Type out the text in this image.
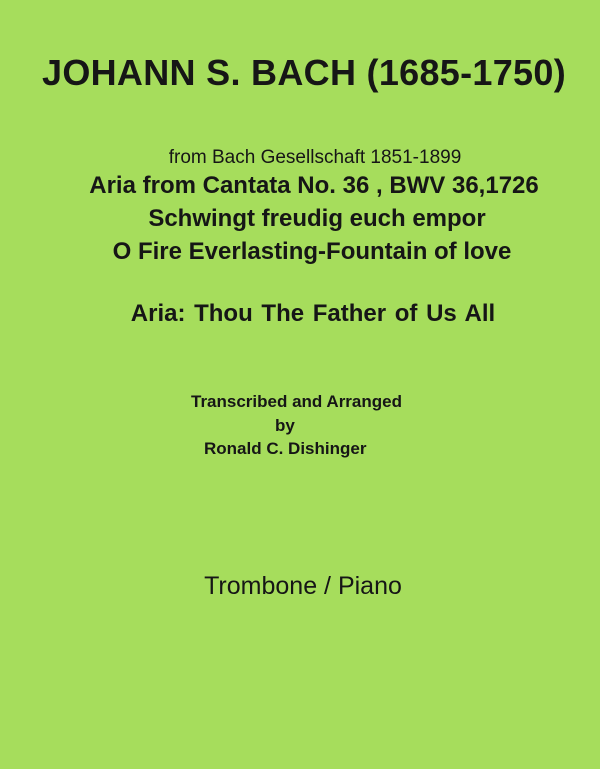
JOHANN S. BACH (1685-1750)
from Bach Gesellschaft 1851-1899
Aria from Cantata No. 36 , BWV 36,1726
Schwingt freudig euch empor
O Fire Everlasting-Fountain of love
Aria: Thou The Father of Us All
Transcribed and Arranged
by
Ronald C. Dishinger
Trombone / Piano
